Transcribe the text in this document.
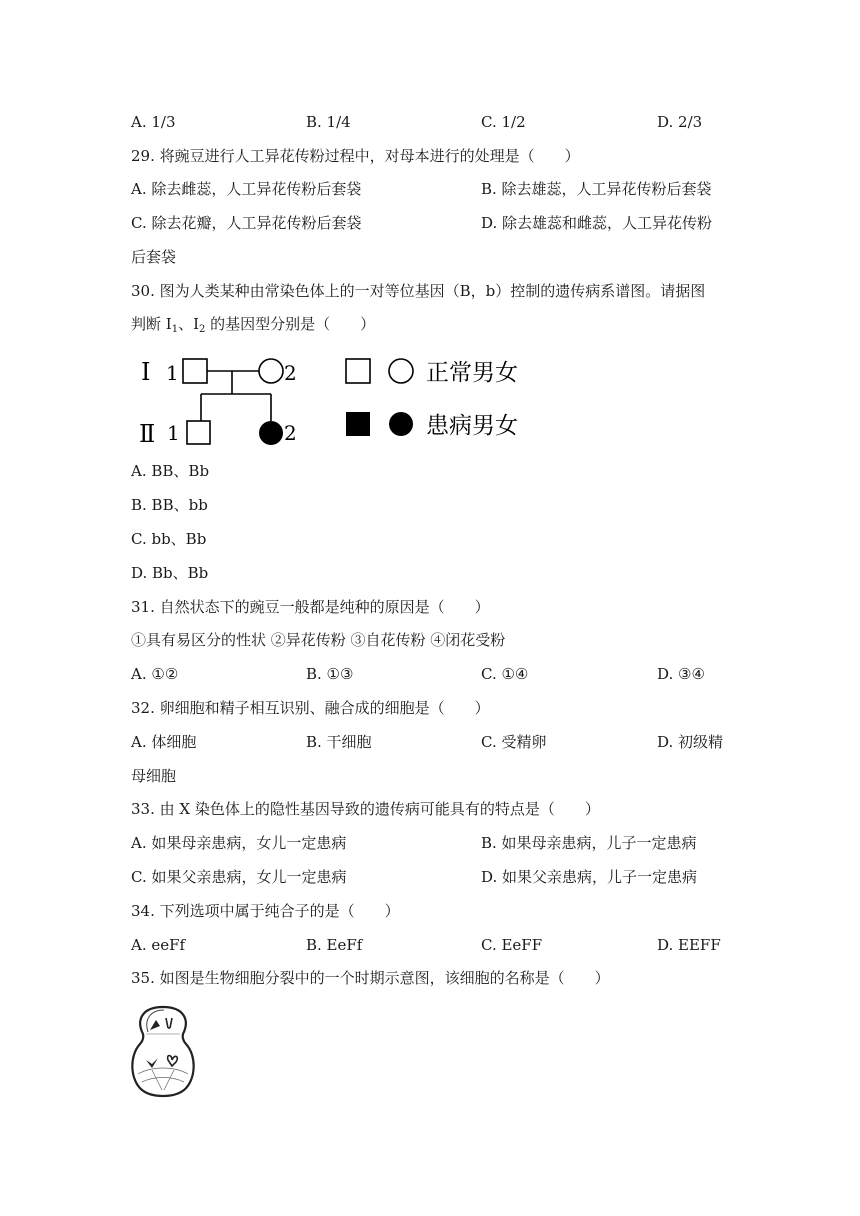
A. 1/3	B. 1/4	C. 1/2	D. 2/3
29. 将豌豆进行人工异花传粉过程中，对母本进行的处理是（　　）
A. 除去雌蕊，人工异花传粉后套袋	B. 除去雄蕊，人工异花传粉后套袋
C. 除去花瓣，人工异花传粉后套袋	D. 除去雄蕊和雌蕊，人工异花传粉
后套袋
30. 图为人类某种由常染色体上的一对等位基因（B，b）控制的遗传病系谱图。请据图
判断 $I_1$、$I_2$ 的基因型分别是（　　）
Ⅰ 1	2
Ⅱ 1	2
正常男女
患病男女
A. BB、Bb
B. BB、bb
C. bb、Bb
D. Bb、Bb
31. 自然状态下的豌豆一般都是纯种的原因是（　　）
①具有易区分的性状 ②异花传粉 ③自花传粉 ④闭花受粉
A. ①②	B. ①③	C. ①④	D. ③④
32. 卵细胞和精子相互识别、融合成的细胞是（　　）
A. 体细胞	B. 干细胞	C. 受精卵	D. 初级精
母细胞
33. 由 X 染色体上的隐性基因导致的遗传病可能具有的特点是（　　）
A. 如果母亲患病，女儿一定患病	B. 如果母亲患病，儿子一定患病
C. 如果父亲患病，女儿一定患病	D. 如果父亲患病，儿子一定患病
34. 下列选项中属于纯合子的是（　　）
A. eeFf	B. EeFf	C. EeFF	D. EEFF
35. 如图是生物细胞分裂中的一个时期示意图，该细胞的名称是（　　）
